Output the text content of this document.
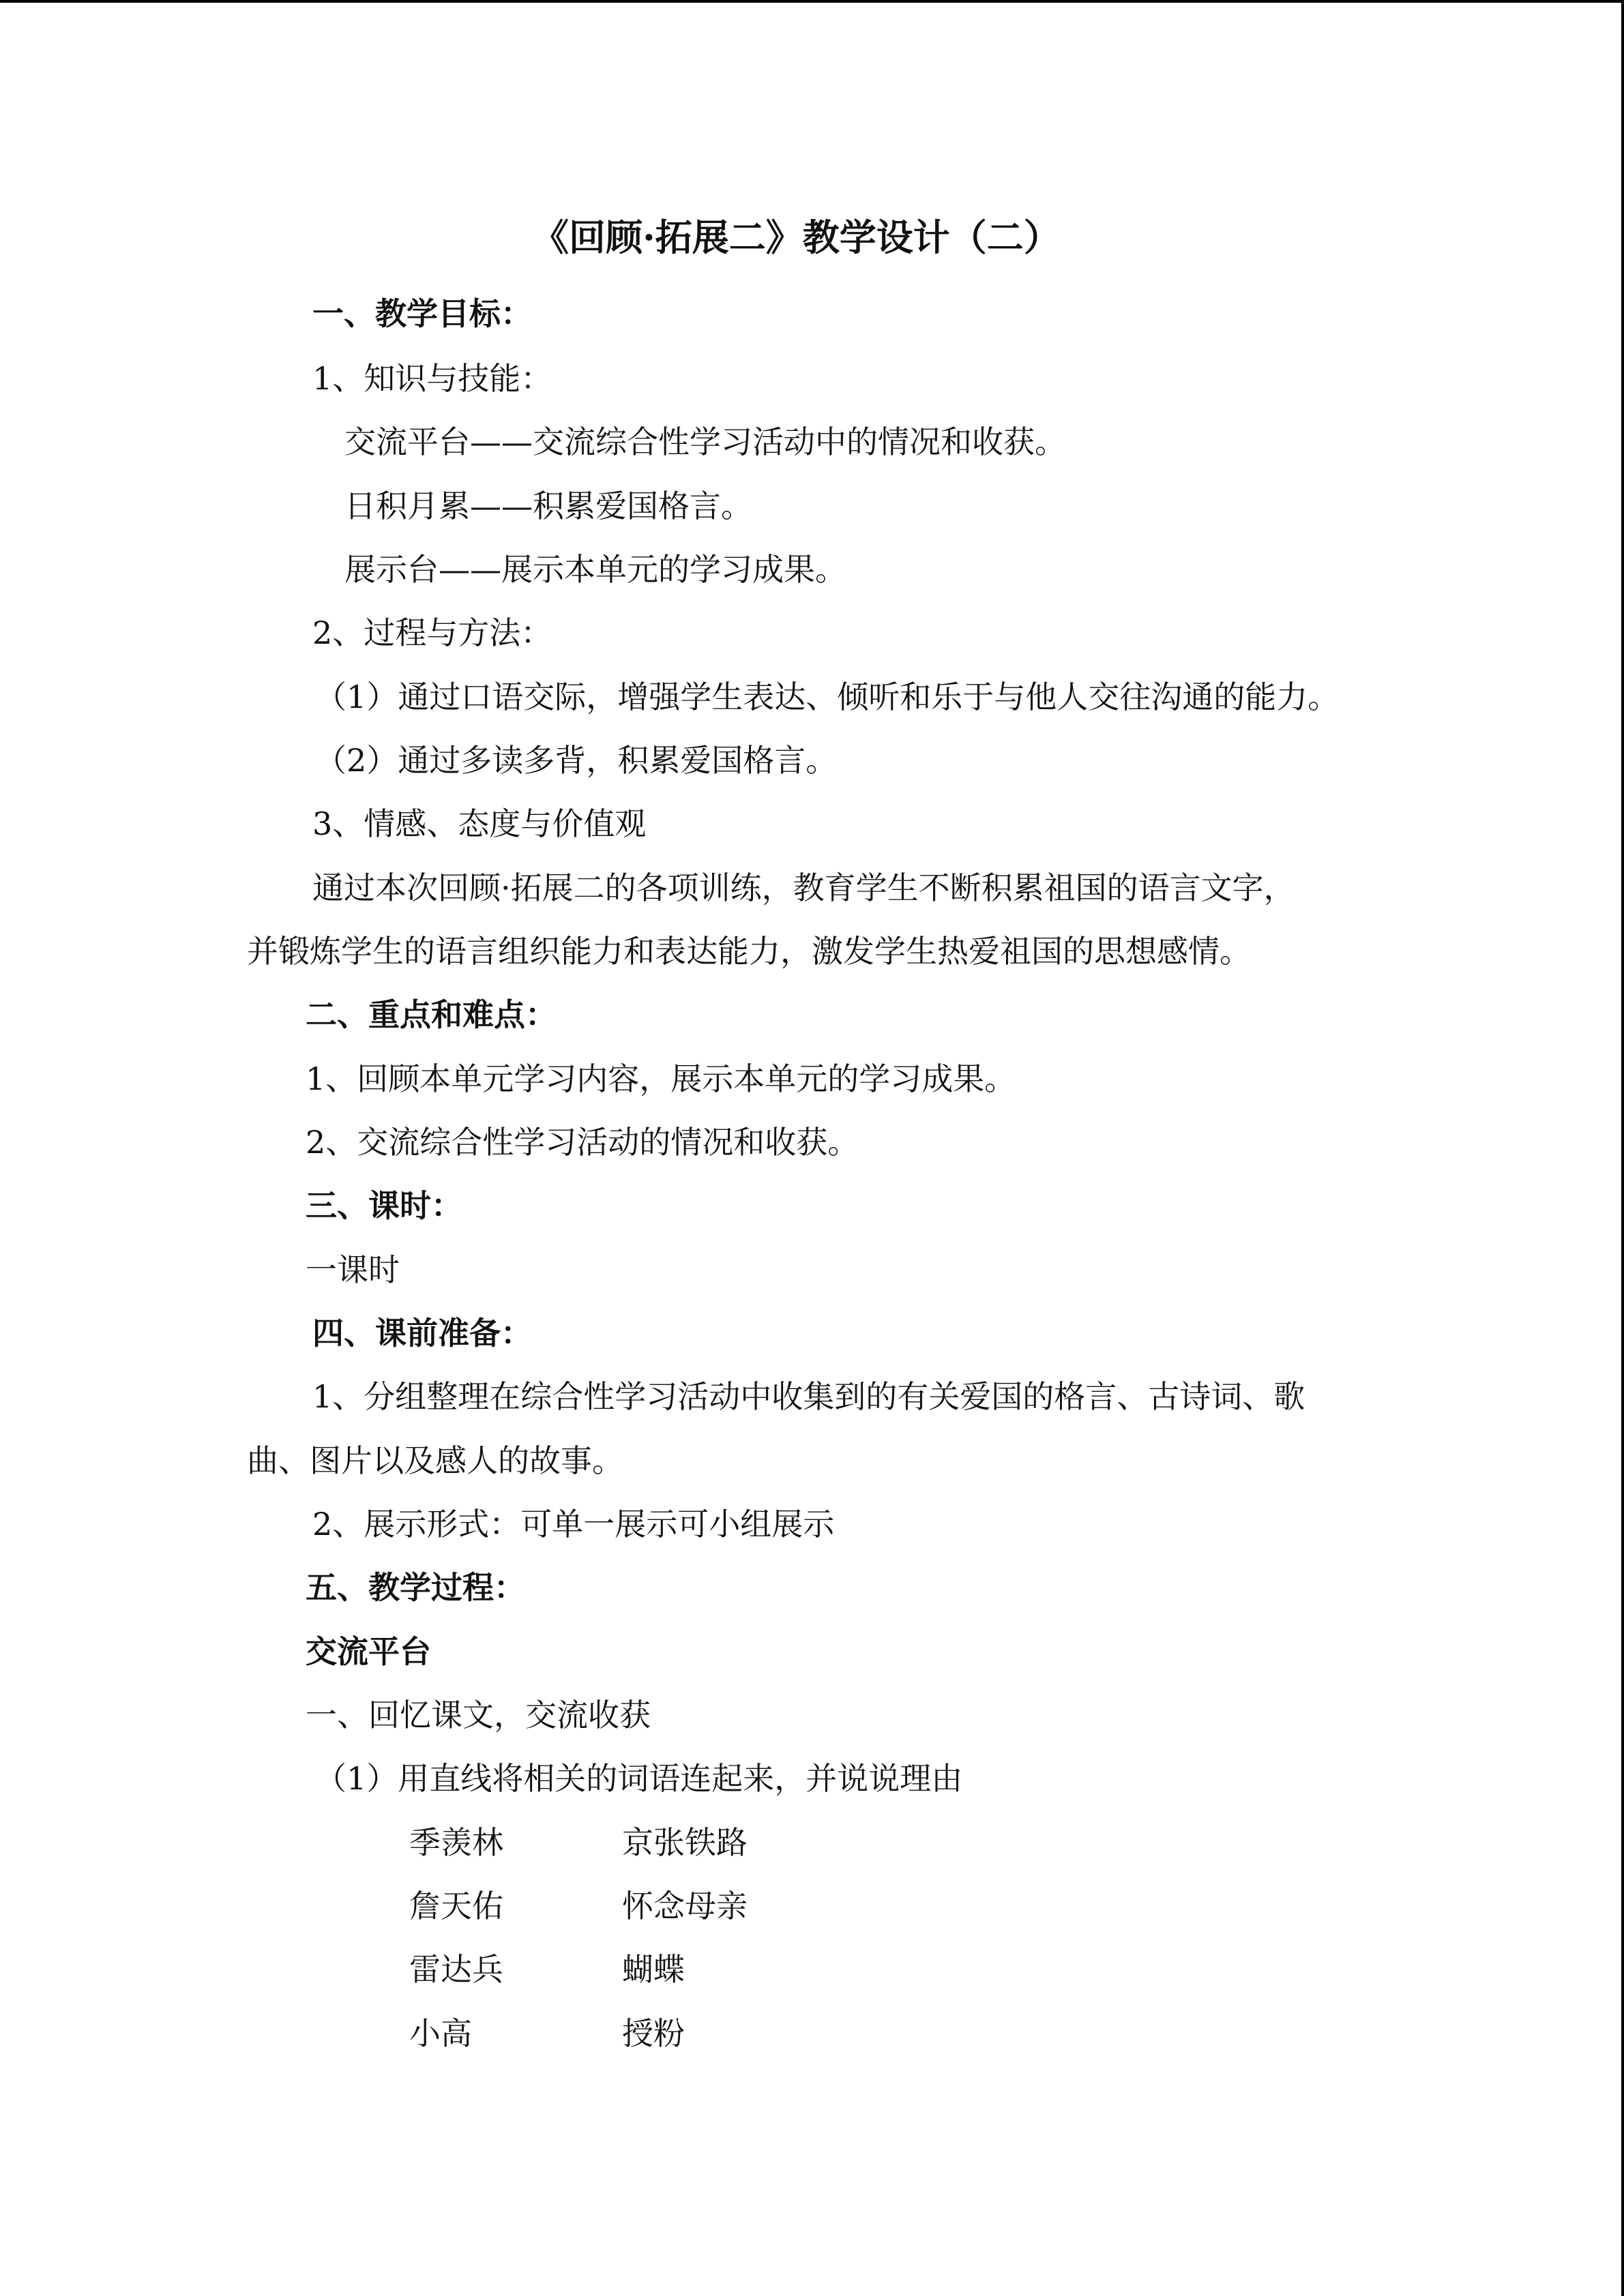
《回顾·拓展二》教学设计（二）
一、教学目标：
1、知识与技能：
交流平台——交流综合性学习活动中的情况和收获。
日积月累——积累爱国格言。
展示台——展示本单元的学习成果。
2、过程与方法：
（1）通过口语交际，增强学生表达、倾听和乐于与他人交往沟通的能力。
（2）通过多读多背，积累爱国格言。
3、情感、态度与价值观
通过本次回顾·拓展二的各项训练，教育学生不断积累祖国的语言文字，
并锻炼学生的语言组织能力和表达能力，激发学生热爱祖国的思想感情。
二、重点和难点：
1、回顾本单元学习内容，展示本单元的学习成果。
2、交流综合性学习活动的情况和收获。
三、课时：
一课时
四、课前准备：
1、分组整理在综合性学习活动中收集到的有关爱国的格言、古诗词、歌
曲、图片以及感人的故事。
2、展示形式：可单一展示可小组展示
五、教学过程：
交流平台
一、回忆课文，交流收获
（1）用直线将相关的词语连起来，并说说理由
季羡林	京张铁路
詹天佑	怀念母亲
雷达兵	蝴蝶
小高	授粉
